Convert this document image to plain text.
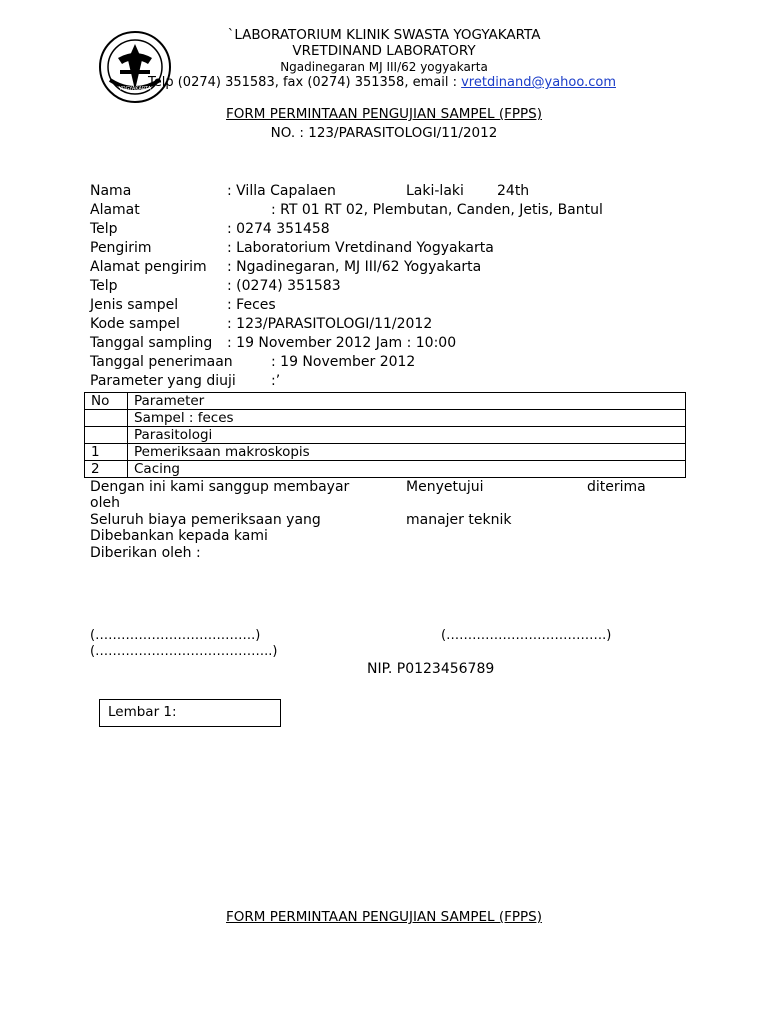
YOGYAKARTA
`LABORATORIUM KLINIK SWASTA YOGYAKARTA
VRETDINAND LABORATORY
Ngadinegaran MJ III/62 yogyakarta
Telp (0274) 351583, fax (0274) 351358, email : vretdinand@yahoo.com
FORM PERMINTAAN PENGUJIAN SAMPEL (FPPS)
NO. : 123/PARASITOLOGI/11/2012
Nama	: Villa Capalaen	Laki-laki 24th
Alamat	: RT 01 RT 02, Plembutan, Canden, Jetis, Bantul
Telp	: 0274 351458
Pengirim	: Laboratorium Vretdinand Yogyakarta
Alamat pengirim : Ngadinegaran, MJ III/62 Yogyakarta
Telp	: (0274) 351583
Jenis sampel	: Feces
Kode sampel	: 123/PARASITOLOGI/11/2012
Tanggal sampling : 19 November 2012 Jam : 10:00
Tanggal penerimaan	: 19 November 2012
Parameter yang diuji	:’
No	Parameter
	Sampel : feces
	Parasitologi
1	Pemeriksaan makroskopis
2	Cacing
Dengan ini kami sanggup membayar	Menyetujui	diterima
oleh
Seluruh biaya pemeriksaan yang	manajer teknik
Dibebankan kepada kami
Diberikan oleh :
(……………………………….)	(……………………………….)
(…………………………………..)
NIP. P0123456789
Lembar 1:
FORM PERMINTAAN PENGUJIAN SAMPEL (FPPS)
